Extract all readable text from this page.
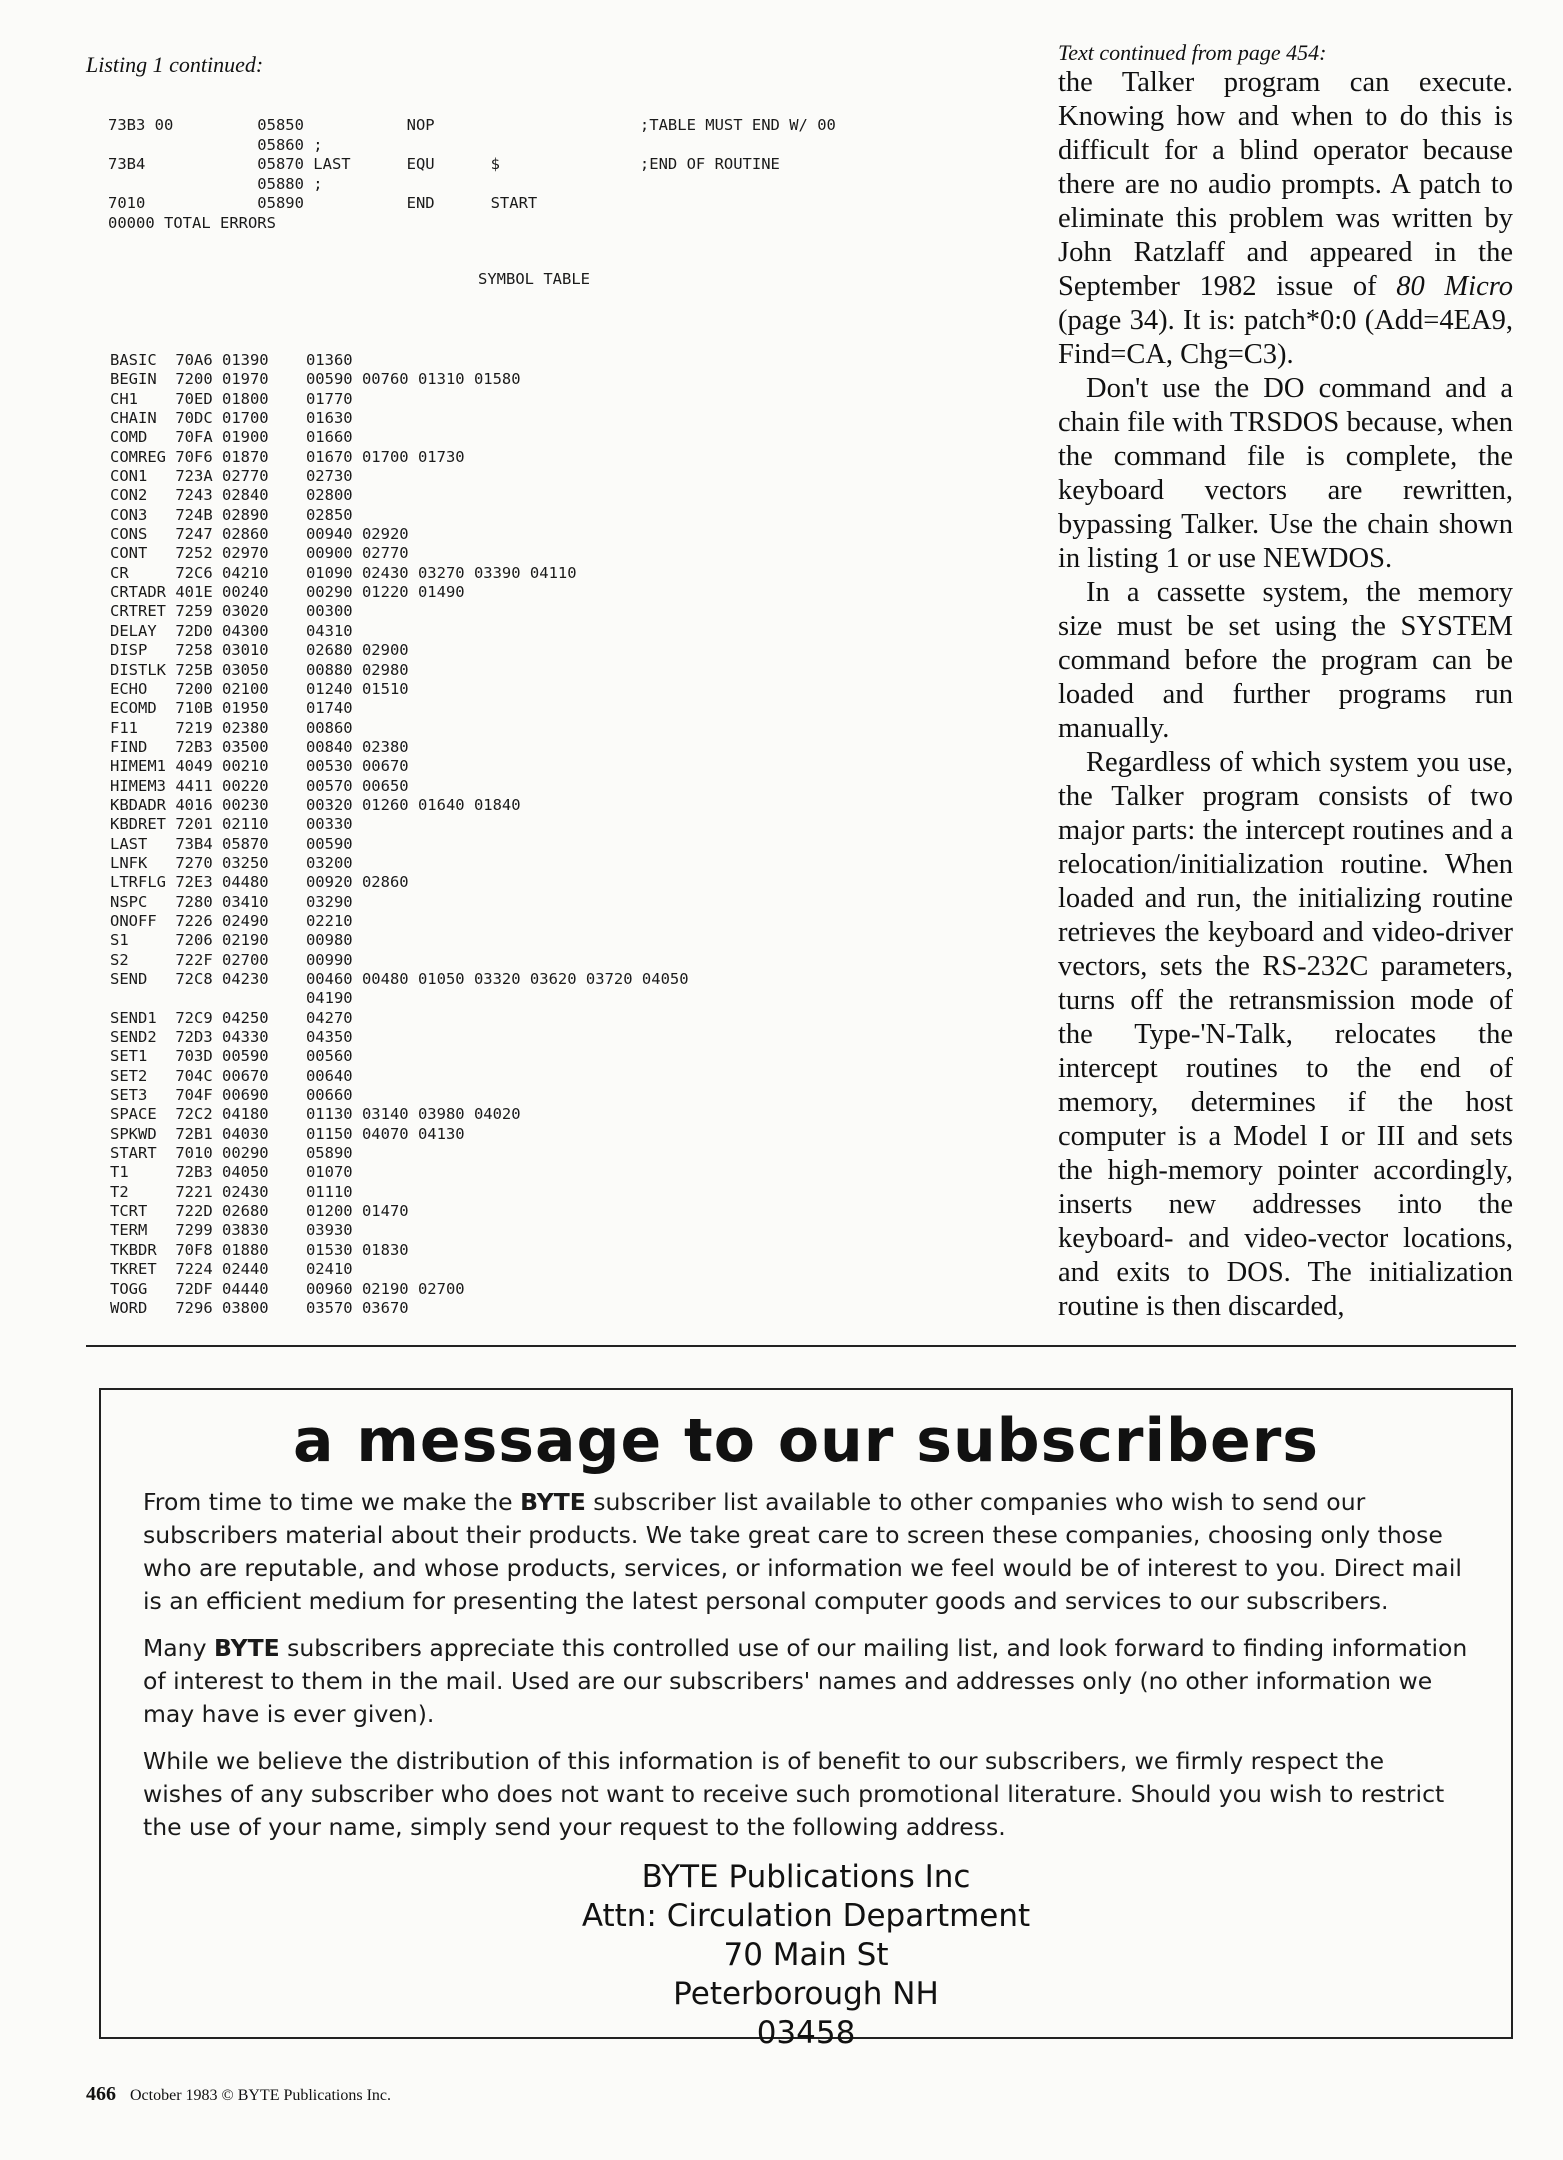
Listing 1 continued:
73B3 00         05850           NOP                      ;TABLE MUST END W/ 00
05860 ;
73B4            05870 LAST      EQU      $               ;END OF ROUTINE
05880 ;
7010            05890           END      START
00000 TOTAL ERRORS
SYMBOL TABLE
BASIC  70A6 01390    01360
BEGIN  7200 01970    00590 00760 01310 01580
CH1    70ED 01800    01770
CHAIN  70DC 01700    01630
COMD   70FA 01900    01660
COMREG 70F6 01870    01670 01700 01730
CON1   723A 02770    02730
CON2   7243 02840    02800
CON3   724B 02890    02850
CONS   7247 02860    00940 02920
CONT   7252 02970    00900 02770
CR     72C6 04210    01090 02430 03270 03390 04110
CRTADR 401E 00240    00290 01220 01490
CRTRET 7259 03020    00300
DELAY  72D0 04300    04310
DISP   7258 03010    02680 02900
DISTLK 725B 03050    00880 02980
ECHO   7200 02100    01240 01510
ECOMD  710B 01950    01740
F11    7219 02380    00860
FIND   72B3 03500    00840 02380
HIMEM1 4049 00210    00530 00670
HIMEM3 4411 00220    00570 00650
KBDADR 4016 00230    00320 01260 01640 01840
KBDRET 7201 02110    00330
LAST   73B4 05870    00590
LNFK   7270 03250    03200
LTRFLG 72E3 04480    00920 02860
NSPC   7280 03410    03290
ONOFF  7226 02490    02210
S1     7206 02190    00980
S2     722F 02700    00990
SEND   72C8 04230    00460 00480 01050 03320 03620 03720 04050
04190
SEND1  72C9 04250    04270
SEND2  72D3 04330    04350
SET1   703D 00590    00560
SET2   704C 00670    00640
SET3   704F 00690    00660
SPACE  72C2 04180    01130 03140 03980 04020
SPKWD  72B1 04030    01150 04070 04130
START  7010 00290    05890
T1     72B3 04050    01070
T2     7221 02430    01110
TCRT   722D 02680    01200 01470
TERM   7299 03830    03930
TKBDR  70F8 01880    01530 01830
TKRET  7224 02440    02410
TOGG   72DF 04440    00960 02190 02700
WORD   7296 03800    03570 03670
Text continued from page 454:

the Talker program can execute. Knowing how and when to do this is difficult for a blind operator because there are no audio prompts. A patch to eliminate this problem was written by John Ratzlaff and appeared in the September 1982 issue of 80 Micro (page 34). It is: patch*0:0 (Add=4EA9, Find=CA, Chg=C3).

Don't use the DO command and a chain file with TRSDOS because, when the command file is complete, the keyboard vectors are rewritten, bypassing Talker. Use the chain shown in listing 1 or use NEWDOS.

In a cassette system, the memory size must be set using the SYSTEM command before the program can be loaded and further programs run manually.

Regardless of which system you use, the Talker program consists of two major parts: the intercept routines and a relocation/initialization routine. When loaded and run, the initializing routine retrieves the keyboard and video-driver vectors, sets the RS-232C parameters, turns off the retransmission mode of the Type-'N-Talk, relocates the intercept routines to the end of memory, determines if the host computer is a Model I or III and sets the high-memory pointer accordingly, inserts new addresses into the keyboard- and video-vector locations, and exits to DOS. The initialization routine is then discarded,

a message to our subscribers

From time to time we make the BYTE subscriber list available to other companies who wish to send our subscribers material about their products. We take great care to screen these companies, choosing only those who are reputable, and whose products, services, or information we feel would be of interest to you. Direct mail is an efficient medium for presenting the latest personal computer goods and services to our subscribers.

Many BYTE subscribers appreciate this controlled use of our mailing list, and look forward to finding information of interest to them in the mail. Used are our subscribers' names and addresses only (no other information we may have is ever given).

While we believe the distribution of this information is of benefit to our subscribers, we firmly respect the wishes of any subscriber who does not want to receive such promotional literature. Should you wish to restrict the use of your name, simply send your request to the following address.

BYTE Publications Inc
Attn: Circulation Department
70 Main St
Peterborough NH
03458
466 October 1983 © BYTE Publications Inc.
